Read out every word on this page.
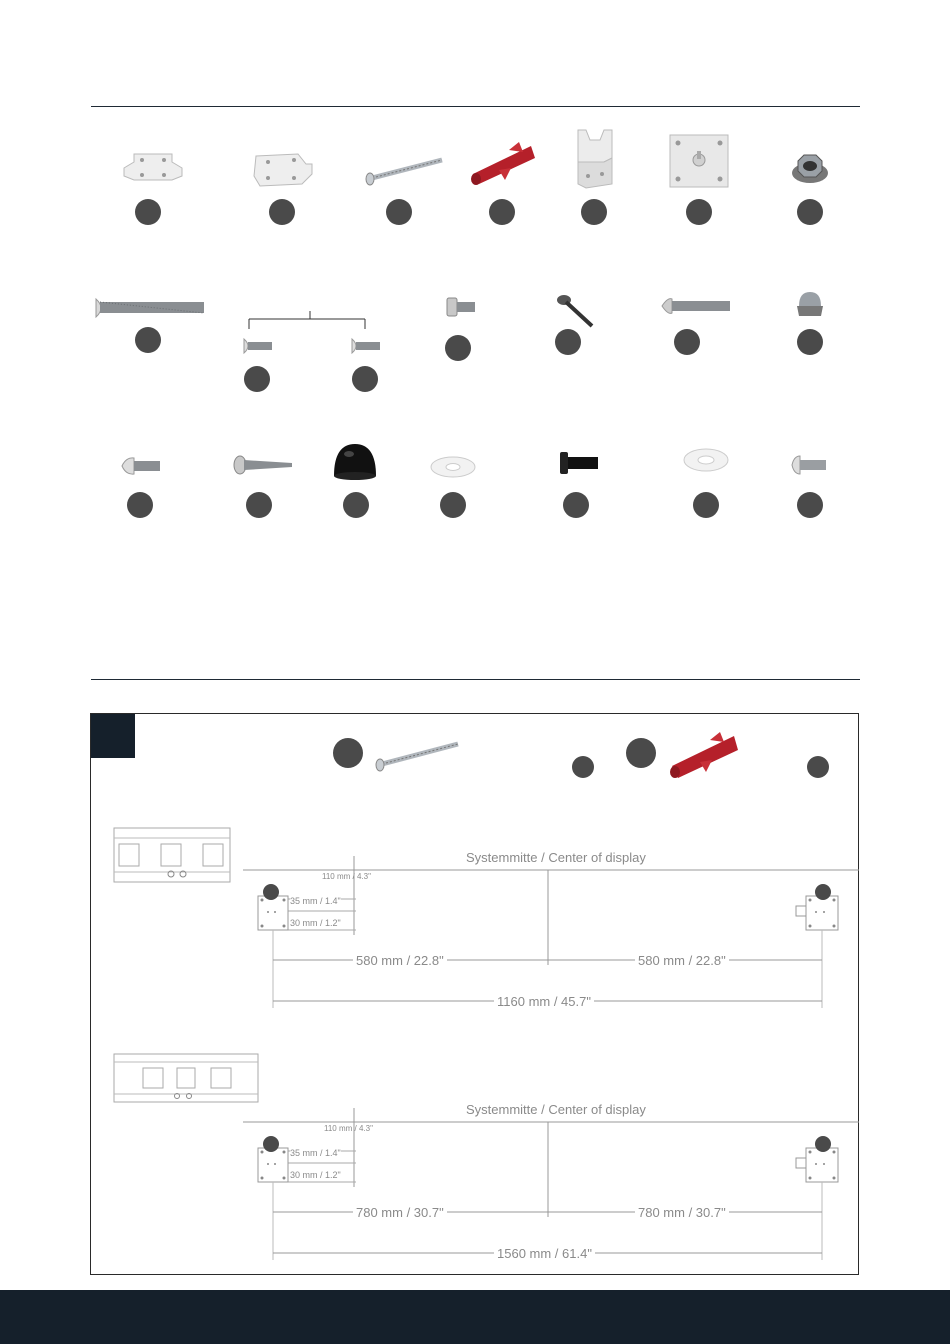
Systemmitte / Center of display
110 mm / 4.3"
35 mm / 1.4"
30 mm / 1.2"
580 mm / 22.8"	580 mm / 22.8"
1160 mm / 45.7"
Systemmitte / Center of display
110 mm / 4.3"
35 mm / 1.4"
30 mm / 1.2"
780 mm / 30.7"	780 mm / 30.7"
1560 mm / 61.4"
